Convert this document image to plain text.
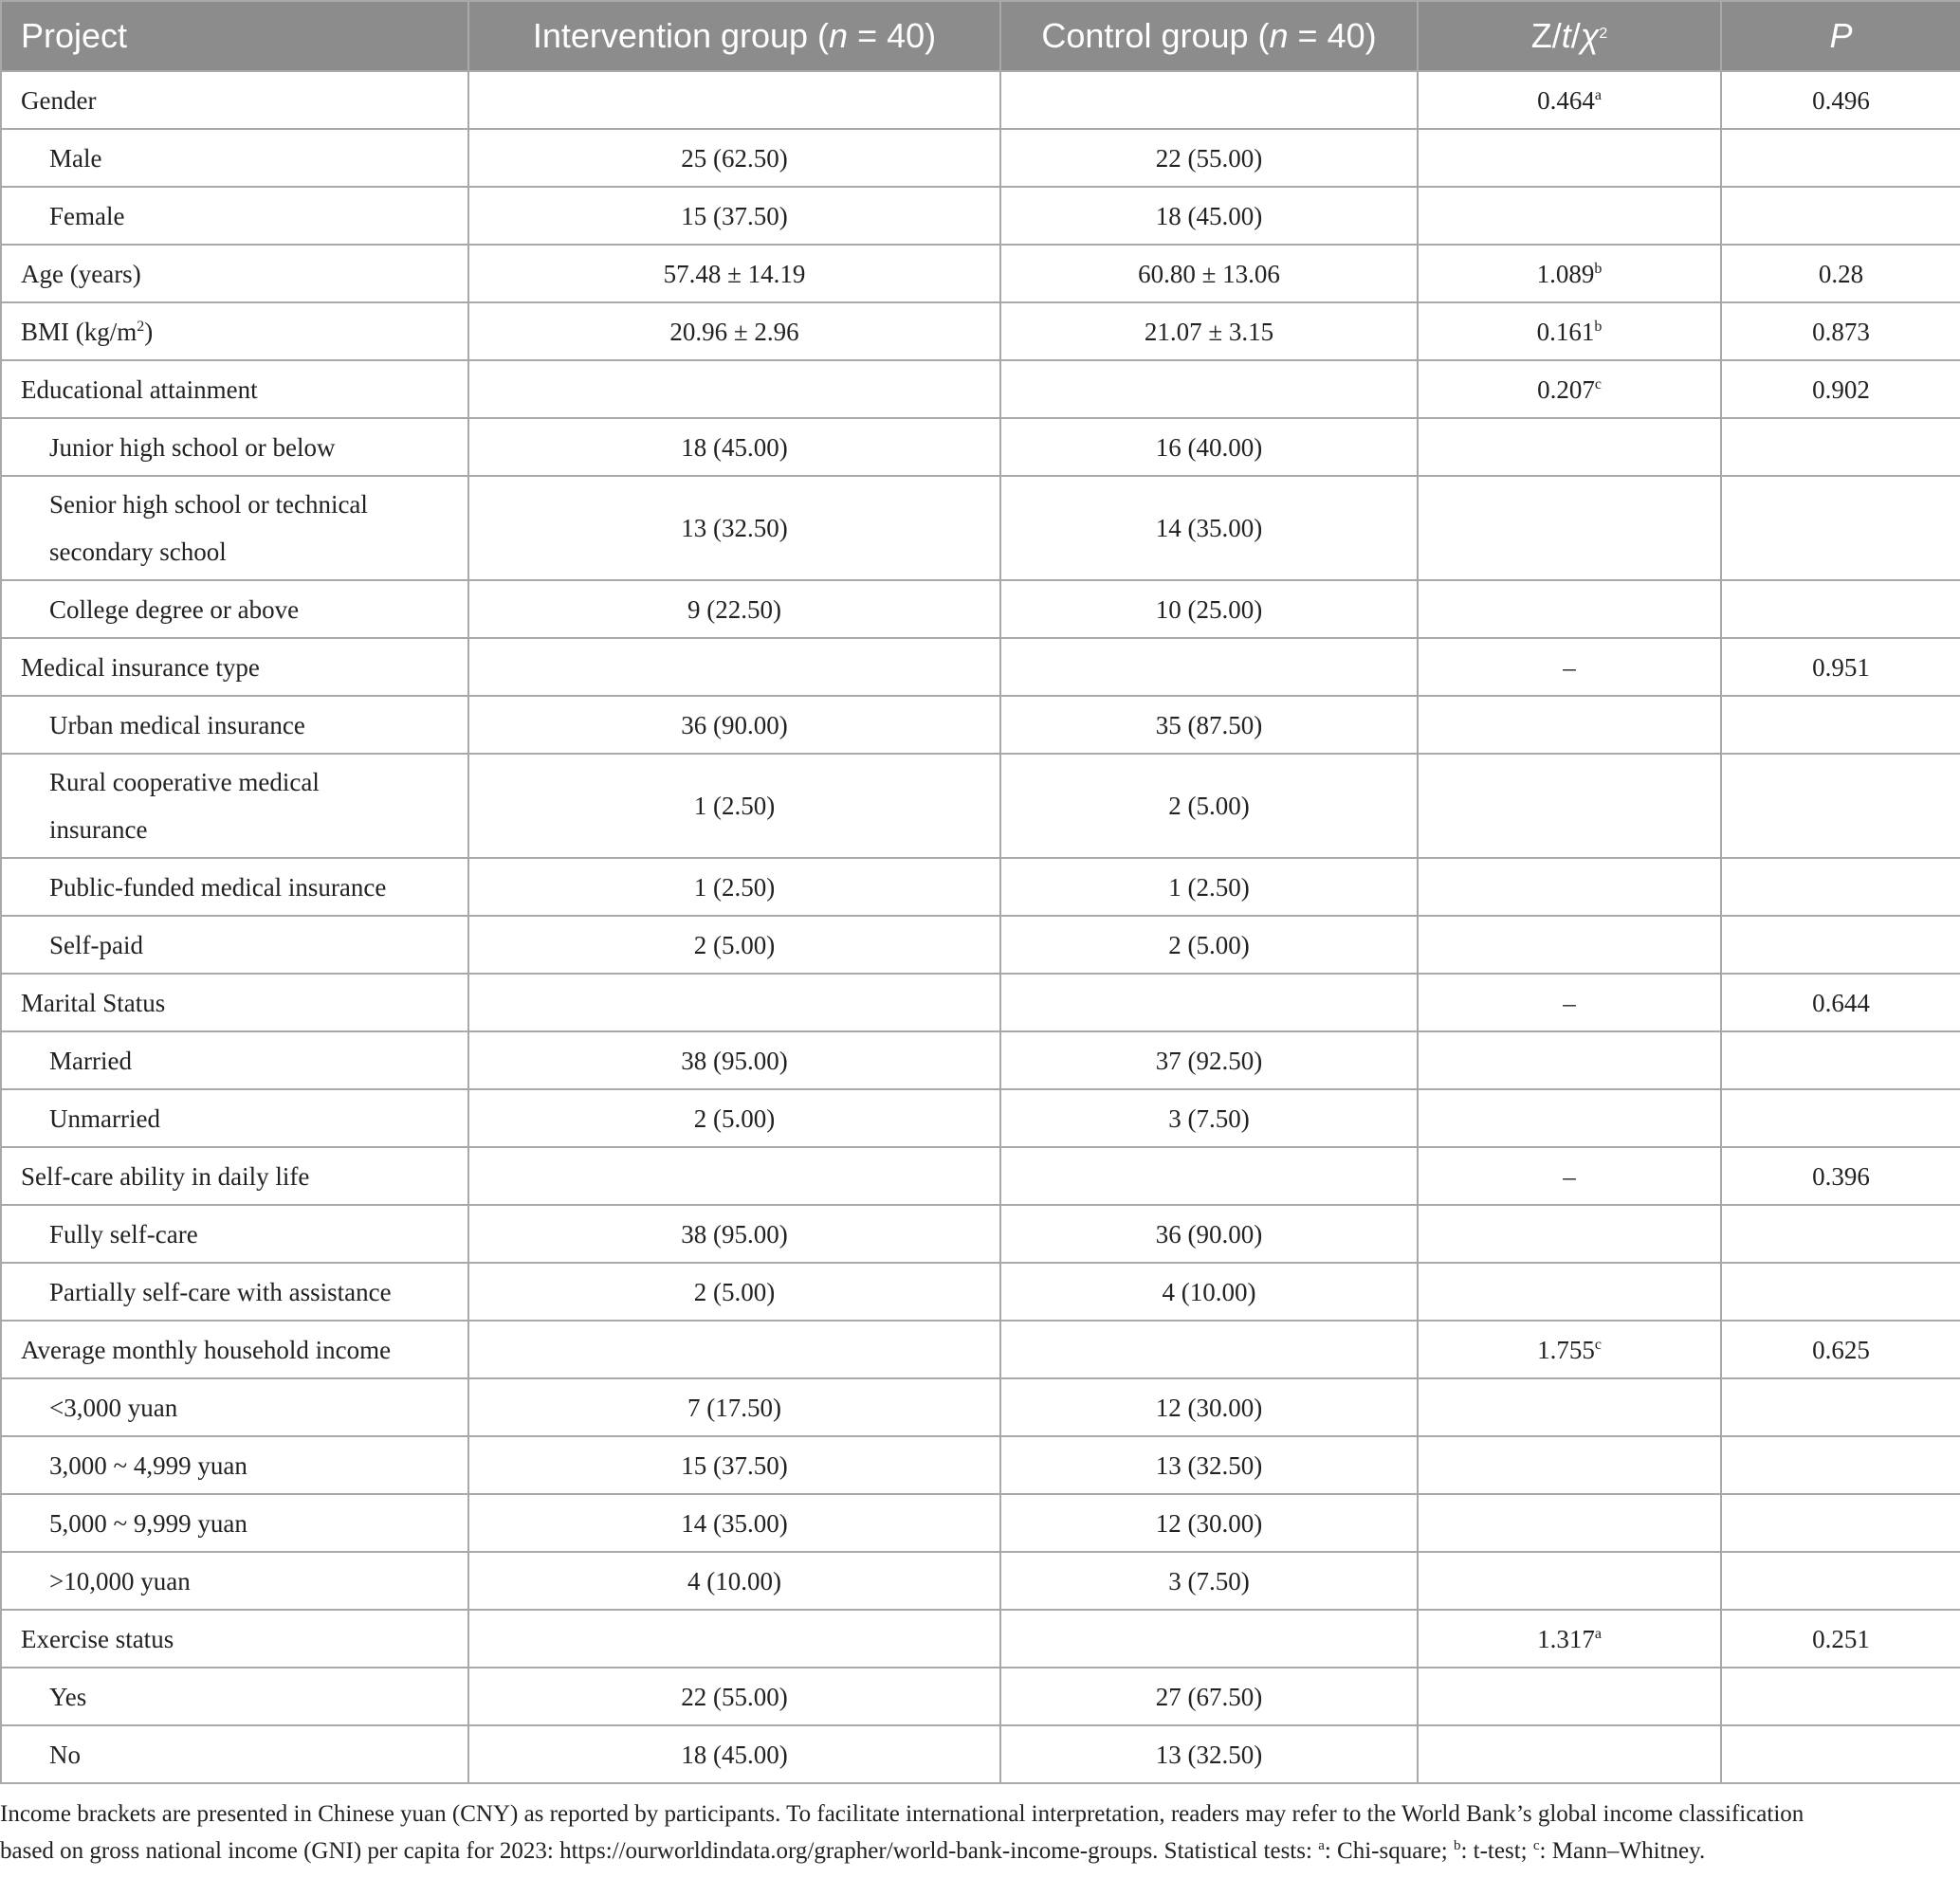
Project	Intervention group (n = 40)	Control group (n = 40)	$Z/t/\chi^2$	P
Gender			0.464$^a$	0.496
Male	25 (62.50)	22 (55.00)		
Female	15 (37.50)	18 (45.00)		
Age (years)	57.48 ± 14.19	60.80 ± 13.06	1.089$^b$	0.28
BMI $(kg/m^2)$	20.96 ± 2.96	21.07 ± 3.15	0.161$^b$	0.873
Educational attainment			0.207$^c$	0.902
Junior high school or below	18 (45.00)	16 (40.00)		
Senior high school or technical
secondary school	13 (32.50)	14 (35.00)		
College degree or above	9 (22.50)	10 (25.00)		
Medical insurance type			–	0.951
Urban medical insurance	36 (90.00)	35 (87.50)		
Rural cooperative medical
insurance	1 (2.50)	2 (5.00)		
Public-funded medical insurance	1 (2.50)	1 (2.50)		
Self-paid	2 (5.00)	2 (5.00)		
Marital Status			–	0.644
Married	38 (95.00)	37 (92.50)		
Unmarried	2 (5.00)	3 (7.50)		
Self-care ability in daily life			–	0.396
Fully self-care	38 (95.00)	36 (90.00)		
Partially self-care with assistance	2 (5.00)	4 (10.00)		
Average monthly household income			1.755$^c$	0.625
<3,000 yuan	7 (17.50)	12 (30.00)		
3,000 ~ 4,999 yuan	15 (37.50)	13 (32.50)		
5,000 ~ 9,999 yuan	14 (35.00)	12 (30.00)		
>10,000 yuan	4 (10.00)	3 (7.50)		
Exercise status			1.317$^a$	0.251
Yes	22 (55.00)	27 (67.50)		
No	18 (45.00)	13 (32.50)		
Income brackets are presented in Chinese yuan (CNY) as reported by participants. To facilitate international interpretation, readers may refer to the World Bank’s global income classification
based on gross national income (GNI) per capita for 2023: https://ourworldindata.org/grapher/world-bank-income-groups. Statistical tests: $^a$: Chi-square; $^b$: t-test; $^c$: Mann–Whitney.
